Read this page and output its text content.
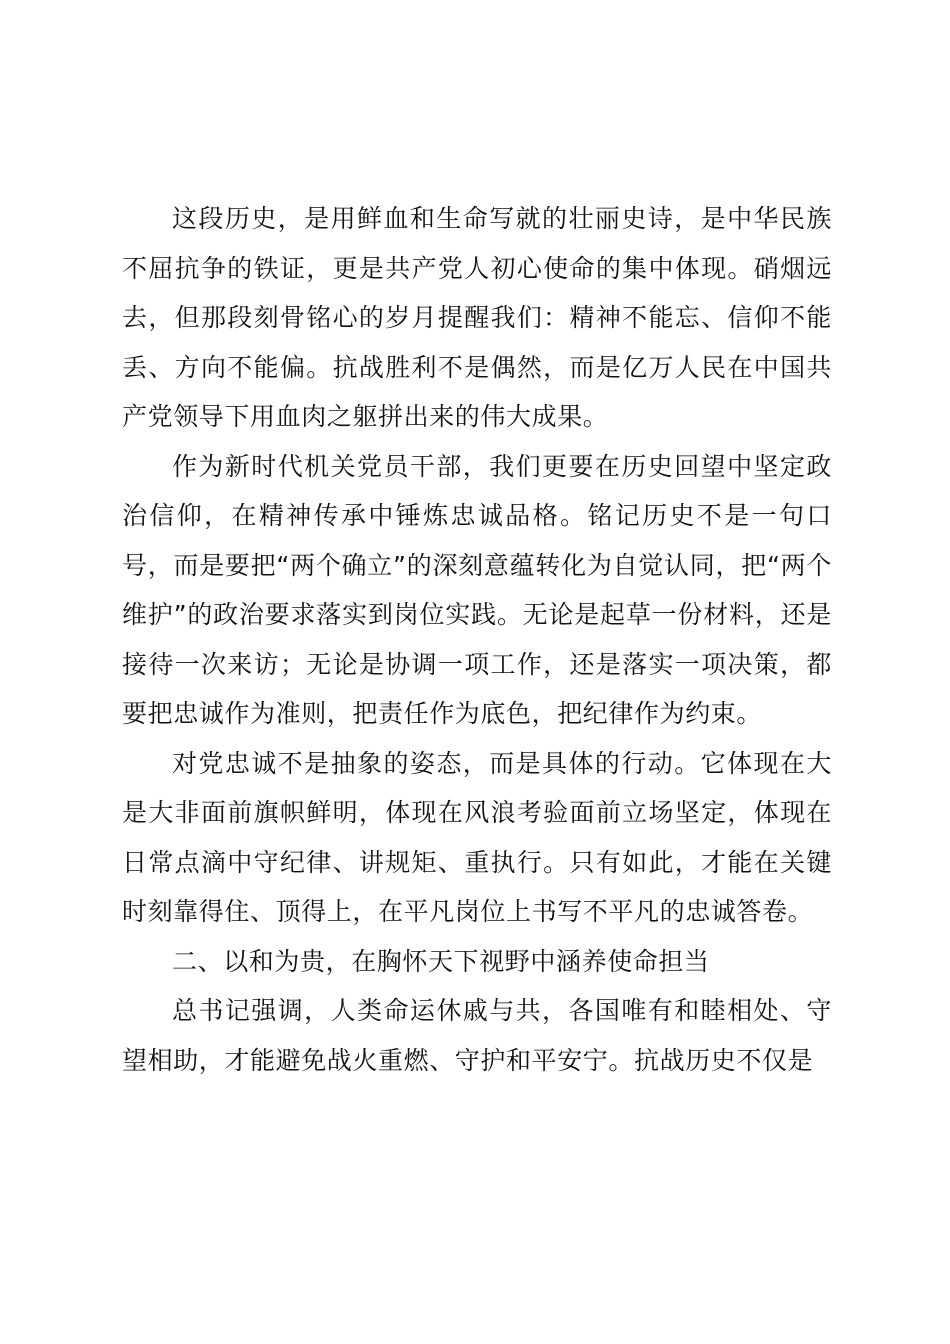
这段历史，是用鲜血和生命写就的壮丽史诗，是中华民族不屈抗争的铁证，更是共产党人初心使命的集中体现。硝烟远去，但那段刻骨铭心的岁月提醒我们：精神不能忘、信仰不能丢、方向不能偏。抗战胜利不是偶然，而是亿万人民在中国共产党领导下用血肉之躯拼出来的伟大成果。

作为新时代机关党员干部，我们更要在历史回望中坚定政治信仰，在精神传承中锤炼忠诚品格。铭记历史不是一句口号，而是要把“两个确立”的深刻意蕴转化为自觉认同，把“两个维护”的政治要求落实到岗位实践。无论是起草一份材料，还是接待一次来访；无论是协调一项工作，还是落实一项决策，都要把忠诚作为准则，把责任作为底色，把纪律作为约束。

对党忠诚不是抽象的姿态，而是具体的行动。它体现在大是大非面前旗帜鲜明，体现在风浪考验面前立场坚定，体现在日常点滴中守纪律、讲规矩、重执行。只有如此，才能在关键时刻靠得住、顶得上，在平凡岗位上书写不平凡的忠诚答卷。

二、以和为贵，在胸怀天下视野中涵养使命担当

总书记强调，人类命运休戚与共，各国唯有和睦相处、守望相助，才能避免战火重燃、守护和平安宁。抗战历史不仅是
